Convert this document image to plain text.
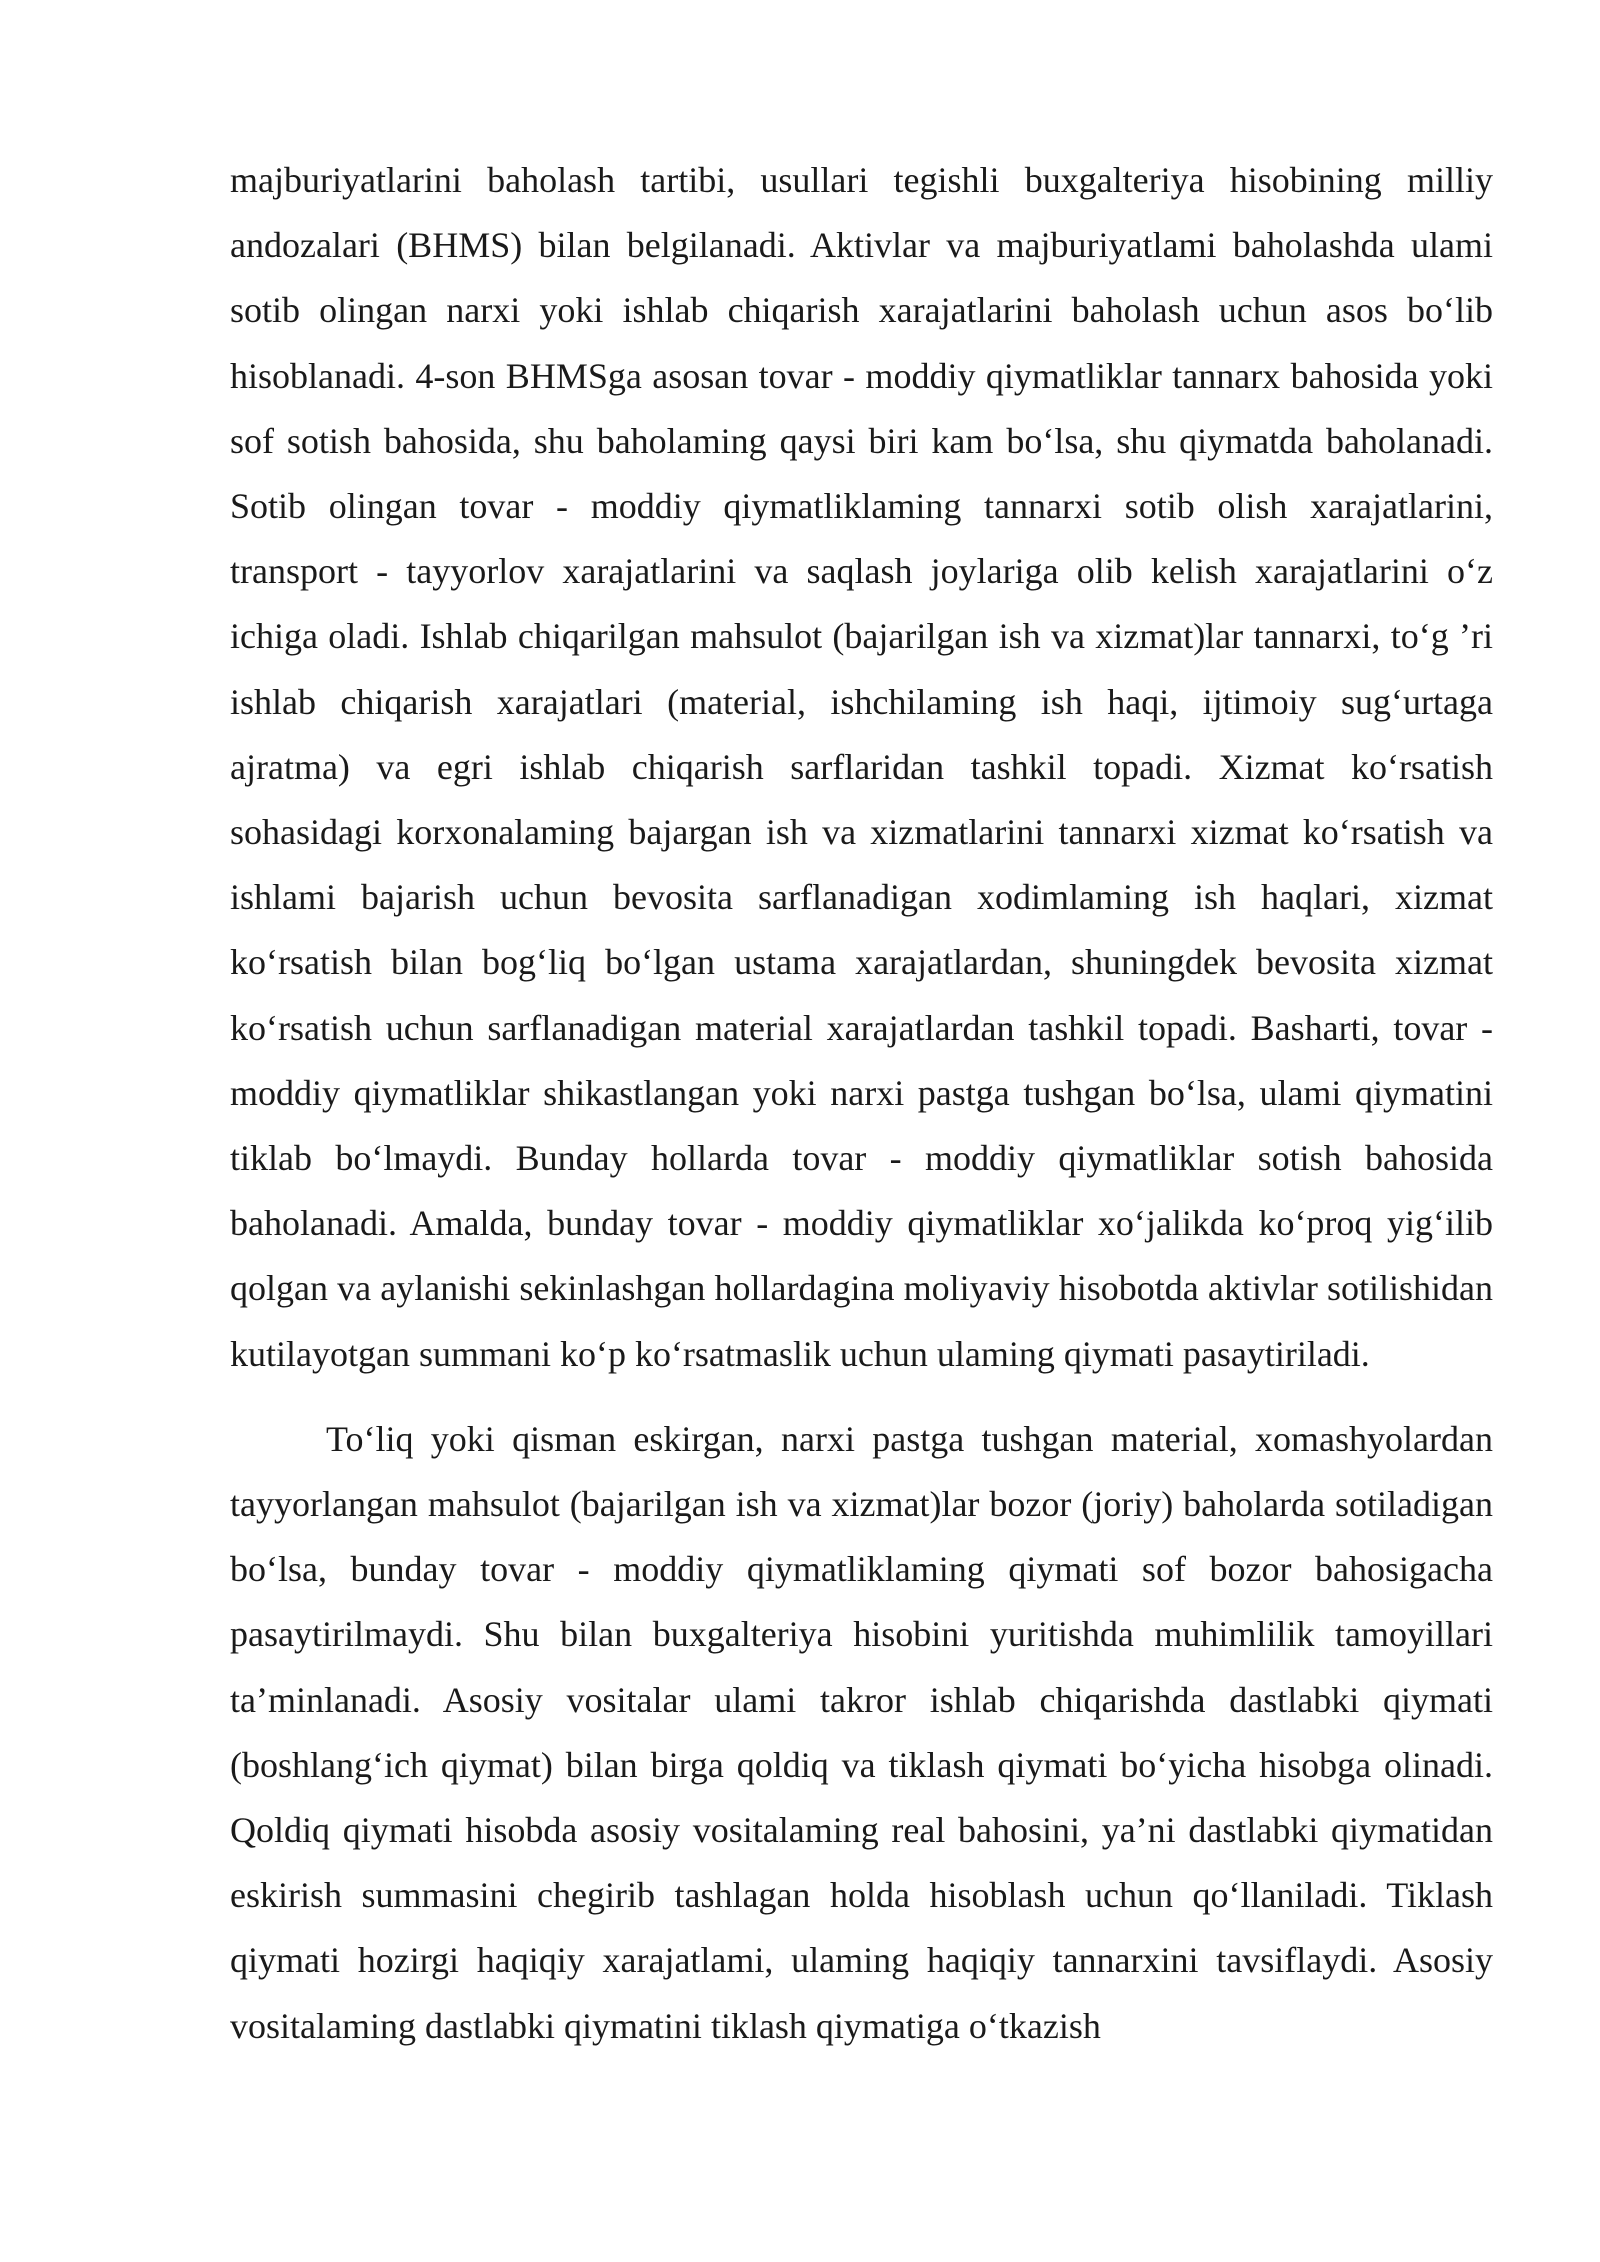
majburiyatlarini baholash tartibi, usullari tegishli buxgalteriya hisobining milliy andozalari (BHMS) bilan belgilanadi. Aktivlar va majburiyatlami baholashda ulami sotib olingan narxi yoki ishlab chiqarish xarajatlarini baholash uchun asos bo‘lib hisoblanadi. 4-son BHMSga asosan tovar - moddiy qiymatliklar tannarx bahosida yoki sof sotish bahosida, shu baholaming qaysi biri kam bo‘lsa, shu qiymatda baholanadi. Sotib olingan tovar - moddiy qiymatliklaming tannarxi sotib olish xarajatlarini, transport - tayyorlov xarajatlarini va saqlash joylariga olib kelish xarajatlarini o‘z ichiga oladi. Ishlab chiqarilgan mahsulot (bajarilgan ish va xizmat)lar tannarxi, to‘g ’ri ishlab chiqarish xarajatlari (material, ishchilaming ish haqi, ijtimoiy sug‘urtaga ajratma) va egri ishlab chiqarish sarflaridan tashkil topadi. Xizmat ko‘rsatish sohasidagi korxonalaming bajargan ish va xizmatlarini tannarxi xizmat ko‘rsatish va ishlami bajarish uchun bevosita sarflanadigan xodimlaming ish haqlari, xizmat ko‘rsatish bilan bog‘liq bo‘lgan ustama xarajatlardan, shuningdek bevosita xizmat ko‘rsatish uchun sarflanadigan material xarajatlardan tashkil topadi. Basharti, tovar - moddiy qiymatliklar shikastlangan yoki narxi pastga tushgan bo‘lsa, ulami qiymatini tiklab bo‘lmaydi. Bunday hollarda tovar - moddiy qiymatliklar sotish bahosida baholanadi. Amalda, bunday tovar - moddiy qiymatliklar xo‘jalikda ko‘proq yig‘ilib qolgan va aylanishi sekinlashgan hollardagina moliyaviy hisobotda aktivlar sotilishidan kutilayotgan summani ko‘p ko‘rsatmaslik uchun ulaming qiymati pasaytiriladi.

To‘liq yoki qisman eskirgan, narxi pastga tushgan material, xomashyolardan tayyorlangan mahsulot (bajarilgan ish va xizmat)lar bozor (joriy) baholarda sotiladigan bo‘lsa, bunday tovar - moddiy qiymatliklaming qiymati sof bozor bahosigacha pasaytirilmaydi. Shu bilan buxgalteriya hisobini yuritishda muhimlilik tamoyillari ta’minlanadi. Asosiy vositalar ulami takror ishlab chiqarishda dastlabki qiymati (boshlang‘ich qiymat) bilan birga qoldiq va tiklash qiymati bo‘yicha hisobga olinadi. Qoldiq qiymati hisobda asosiy vositalaming real bahosini, ya’ni dastlabki qiymatidan eskirish summasini chegirib tashlagan holda hisoblash uchun qo‘llaniladi. Tiklash qiymati hozirgi haqiqiy xarajatlami, ulaming haqiqiy tannarxini tavsiflaydi. Asosiy vositalaming dastlabki qiymatini tiklash qiymatiga o‘tkazish
